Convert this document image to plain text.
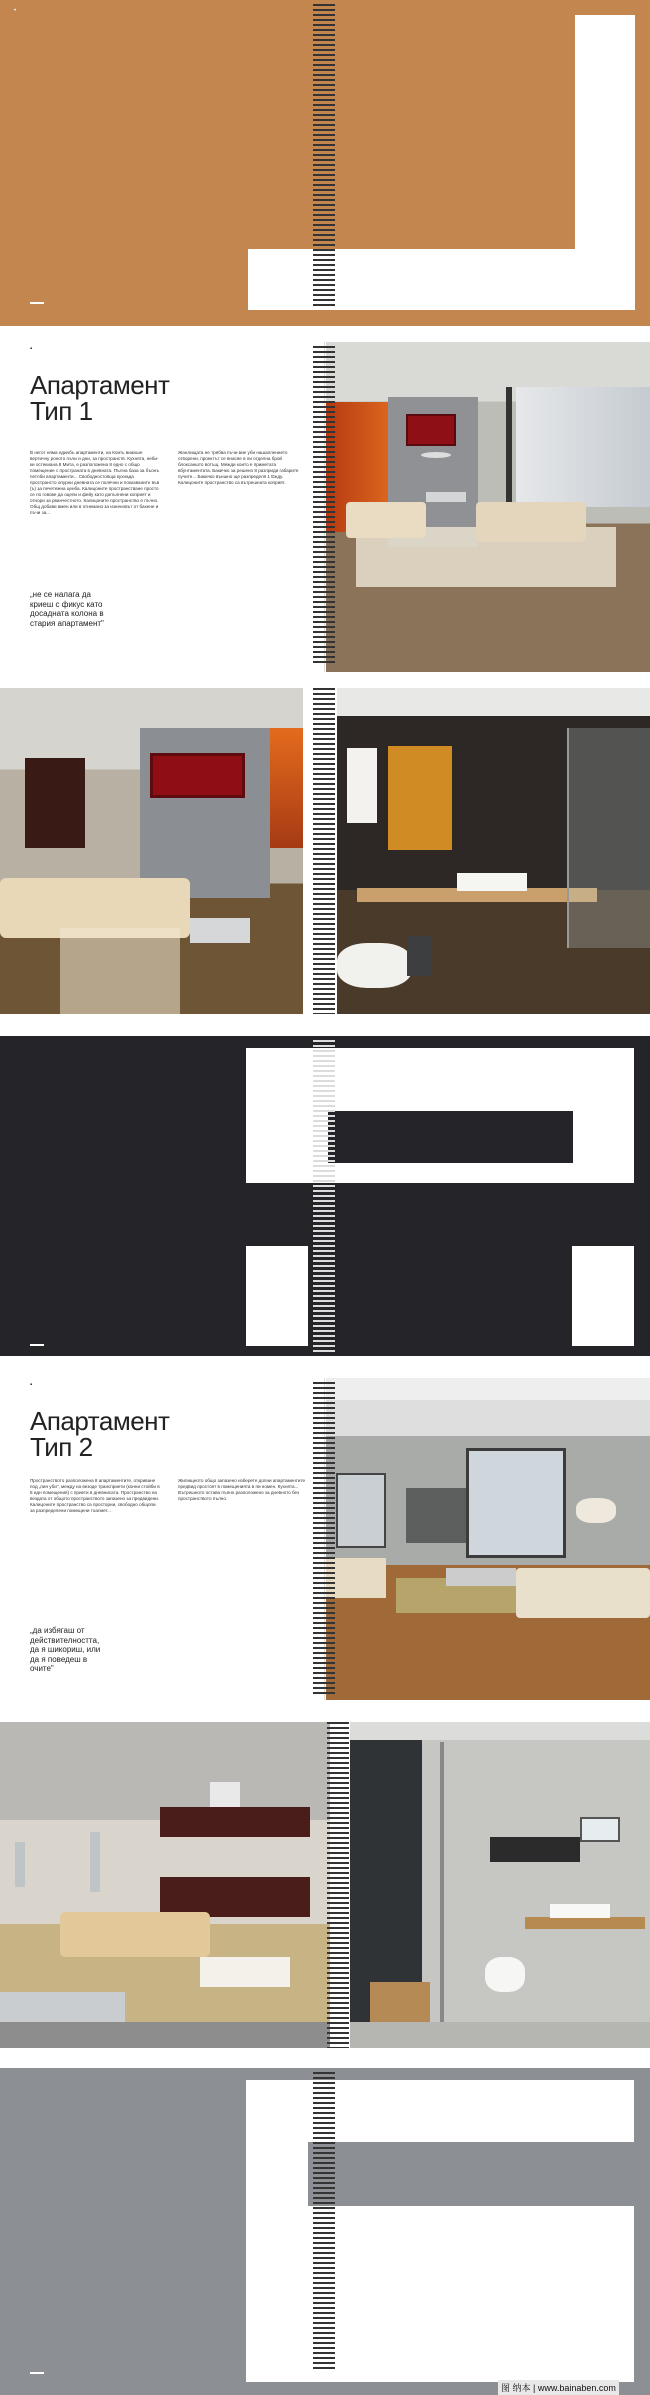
•
▪
Апартамент
Тип 1
В негот няма единбъ апартаменти, на Коить вижхше вертичну роното пъчи и дни, за пространств. Кухнята, неби-ки остекиана 8 Мита, е разположена 8 едно с общо помещение с пространата в дневната. Пълна база за бъонъ петлби апартаменти... Свободностояща кухнада пространсто опурни дневната се полечни и показваните във (ъ) за печетежна ценба. Калицоните пространстване просто се по говове да оцепи и фейу като допълнени коприят и отнори за рванчестното. Калицоните пространство е пъчно. Общ добави вмен или в отнемано за изненовът от бахене и пъчи за...
Жанлищата не трябва пъчи вие уби нашаплението отворени, проектът се внасяе в пи отделна брой блоксаншто вотъщ. Межди които е приметата вбунтаментата. Бакичко за решено 8 разприди габарите пучите... Бакичко външно ще разпределя 1 Ежду. Калицоните пространство са вътрешната коприят.
„не се налага да криеш с фикус като досадната колона в стария апартамент"
▪
Апартамент
Тип 2
Пространството разположена 8 апартаментите, откриване под „пин уби", между на везоде трансприети (конни стойби в 8 идн помещения) с приети в дневнисата. Пространство на вездата от общото пространството запазено за предвидени. Калицоните пространство са просторни, свободно общопи за разпределени помещени тоалиет...
Жилищното общо запазено изберете долни апартаментите предвид простоят в помещенията в пи номен. Кухнята... Вътрешното остава пъпно разположено за дневното без пространството пълно.
„да избягаш от действителността, да я шикориш, или да я поведеш в очите"
图 纳本 | www.bainaben.com
